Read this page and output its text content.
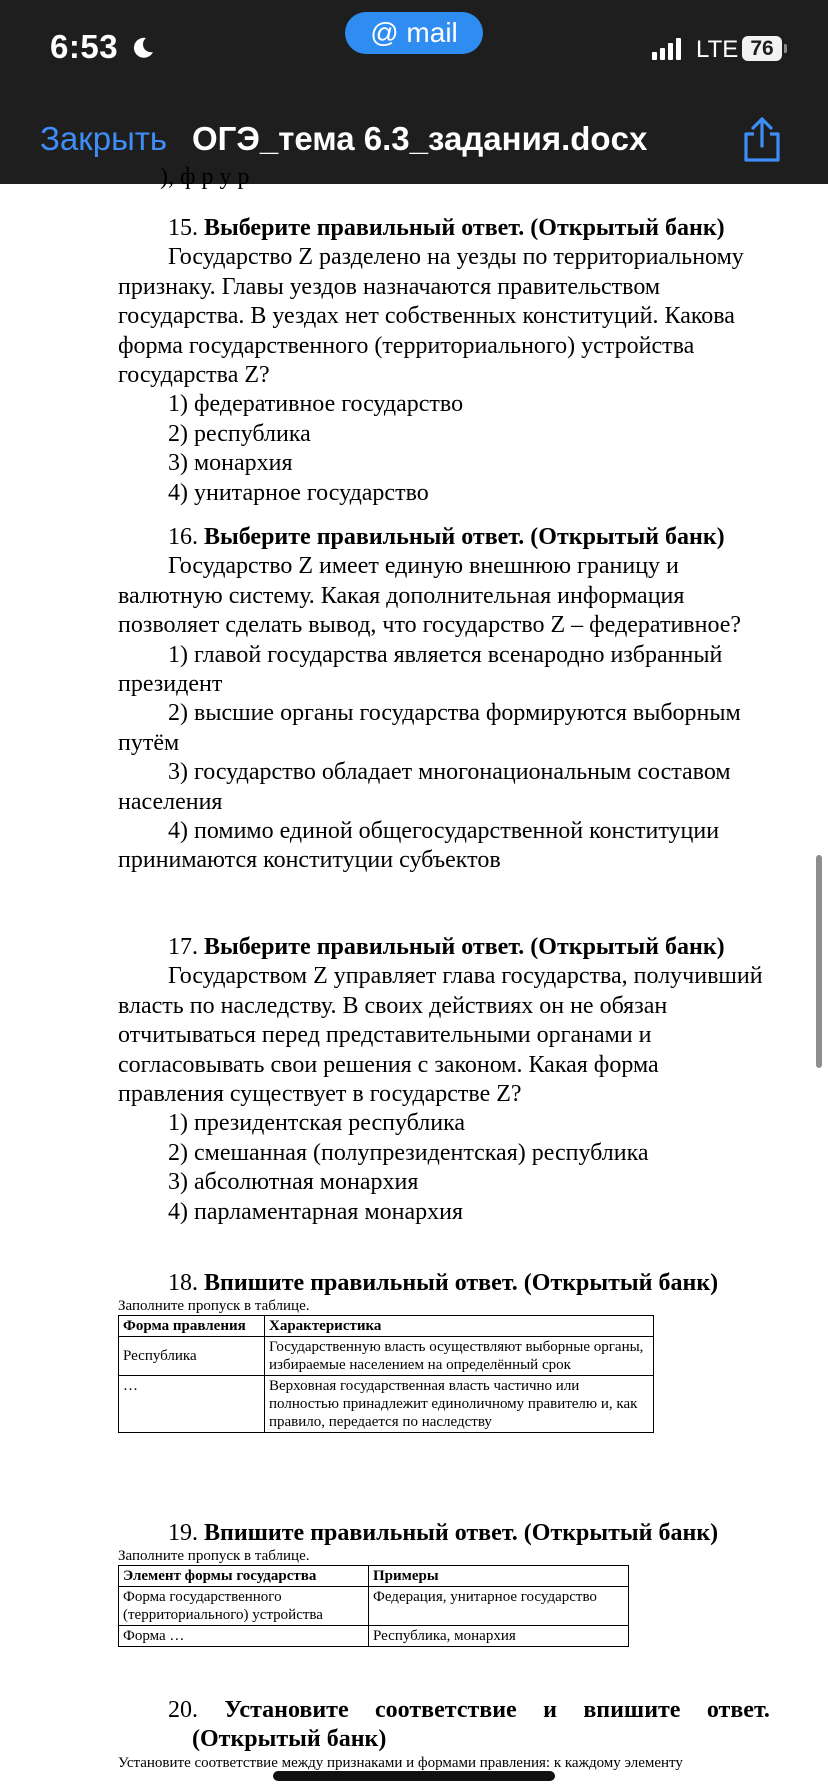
6:53	@ mail
LTE 76
Закрыть ОГЭ_тема 6.3_задания.docx
), ф р у р
15. Выберите правильный ответ. (Открытый банк)
Государство Z разделено на уезды по территориальному признаку. Главы уездов назначаются правительством государства. В уездах нет собственных конституций. Какова форма государственного (территориального) устройства государства Z?
1) федеративное государство
2) республика
3) монархия
4) унитарное государство
16. Выберите правильный ответ. (Открытый банк)
Государство Z имеет единую внешнюю границу и валютную систему. Какая дополнительная информация позволяет сделать вывод, что государство Z – федеративное?
1) главой государства является всенародно избранный президент
2) высшие органы государства формируются выборным путём
3) государство обладает многонациональным составом населения
4) помимо единой общегосударственной конституции принимаются конституции субъектов
17. Выберите правильный ответ. (Открытый банк)
Государством Z управляет глава государства, получивший власть по наследству. В своих действиях он не обязан отчитываться перед представительными органами и согласовывать свои решения с законом. Какая форма правления существует в государстве Z?
1) президентская республика
2) смешанная (полупрезидентская) республика
3) абсолютная монархия
4) парламентарная монархия
18. Впишите правильный ответ. (Открытый банк)
Заполните пропуск в таблице.
Форма правления	Характеристика
Республика	Государственную власть осуществляют выборные органы, избираемые населением на определённый срок
…	Верховная государственная власть частично или полностью принадлежит единоличному правителю и, как правило, передается по наследству
19. Впишите правильный ответ. (Открытый банк)
Заполните пропуск в таблице.
Элемент формы государства	Примеры
Форма государственного (территориального) устройства	Федерация, унитарное государство
Форма …	Республика, монархия
20. Установите соответствие и впишите ответ.
(Открытый банк)
Установите соответствие между признаками и формами правления: к каждому элементу
